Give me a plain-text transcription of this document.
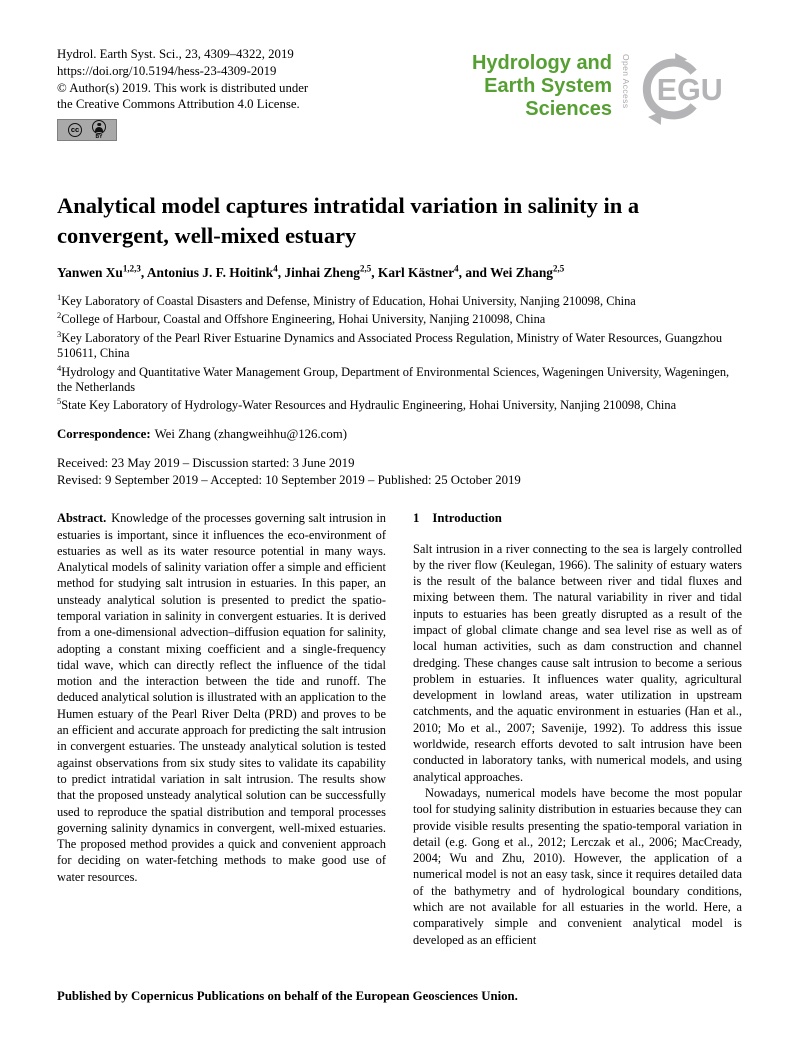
Hydrol. Earth Syst. Sci., 23, 4309–4322, 2019
https://doi.org/10.5194/hess-23-4309-2019
© Author(s) 2019. This work is distributed under
the Creative Commons Attribution 4.0 License.
cc
BY
Hydrology and
Earth System
Sciences
Open Access EGU
Analytical model captures intratidal variation in salinity in a convergent, well-mixed estuary
Yanwen Xu$^{1,2,3}$, Antonius J. F. Hoitink$^4$, Jinhai Zheng$^{2,5}$, Karl Kästner$^4$, and Wei Zhang$^{2,5}$
$^1$Key Laboratory of Coastal Disasters and Defense, Ministry of Education, Hohai University, Nanjing 210098, China
$^2$College of Harbour, Coastal and Offshore Engineering, Hohai University, Nanjing 210098, China
$^3$Key Laboratory of the Pearl River Estuarine Dynamics and Associated Process Regulation, Ministry of Water Resources, Guangzhou 510611, China
$^4$Hydrology and Quantitative Water Management Group, Department of Environmental Sciences, Wageningen University, Wageningen, the Netherlands
$^5$State Key Laboratory of Hydrology-Water Resources and Hydraulic Engineering, Hohai University, Nanjing 210098, China
Correspondence: Wei Zhang (zhangweihhu@126.com)
Received: 23 May 2019 – Discussion started: 3 June 2019
Revised: 9 September 2019 – Accepted: 10 September 2019 – Published: 25 October 2019

Abstract. Knowledge of the processes governing salt intrusion in estuaries is important, since it influences the eco-environment of estuaries as well as its water resource potential in many ways. Analytical models of salinity variation offer a simple and efficient method for studying salt intrusion in estuaries. In this paper, an unsteady analytical solution is presented to predict the spatio-temporal variation in salinity in convergent estuaries. It is derived from a one-dimensional advection–diffusion equation for salinity, adopting a constant mixing coefficient and a single-frequency tidal wave, which can directly reflect the influence of the tidal motion and the interaction between the tide and runoff. The deduced analytical solution is illustrated with an application to the Humen estuary of the Pearl River Delta (PRD) and proves to be an efficient and accurate approach for predicting the salt intrusion in convergent estuaries. The unsteady analytical solution is tested against observations from six study sites to validate its capability to predict intratidal variation in salt intrusion. The results show that the proposed unsteady analytical solution can be successfully used to reproduce the spatial distribution and temporal processes governing salinity dynamics in convergent, well-mixed estuaries. The proposed method provides a quick and convenient approach for deciding on water-fetching methods to make good use of water resources.

1 Introduction

Salt intrusion in a river connecting to the sea is largely controlled by the river flow (Keulegan, 1966). The salinity of estuary waters is the result of the balance between river and tidal fluxes and mixing between them. The natural variability in river and tidal inputs to estuaries has been greatly disrupted as a result of the impact of global climate change and sea level rise as well as of local human activities, such as dam construction and channel dredging. These changes cause salt intrusion to become a serious problem in estuaries. It influences water quality, agricultural development in lowland areas, water utilization in upstream catchments, and the aquatic environment in estuaries (Han et al., 2010; Mo et al., 2007; Savenije, 1992). To address this issue worldwide, research efforts devoted to salt intrusion have been conducted in laboratory tanks, with numerical models, and using analytical approaches.

Nowadays, numerical models have become the most popular tool for studying salinity distribution in estuaries because they can provide visible results presenting the spatio-temporal variation in detail (e.g. Gong et al., 2012; Lerczak et al., 2006; MacCready, 2004; Wu and Zhu, 2010). However, the application of a numerical model is not an easy task, since it requires detailed data of the bathymetry and of hydrological boundary conditions, which are not available for all estuaries in the world. Here, a comparatively simple and convenient analytical model is developed as an efficient

Published by Copernicus Publications on behalf of the European Geosciences Union.
